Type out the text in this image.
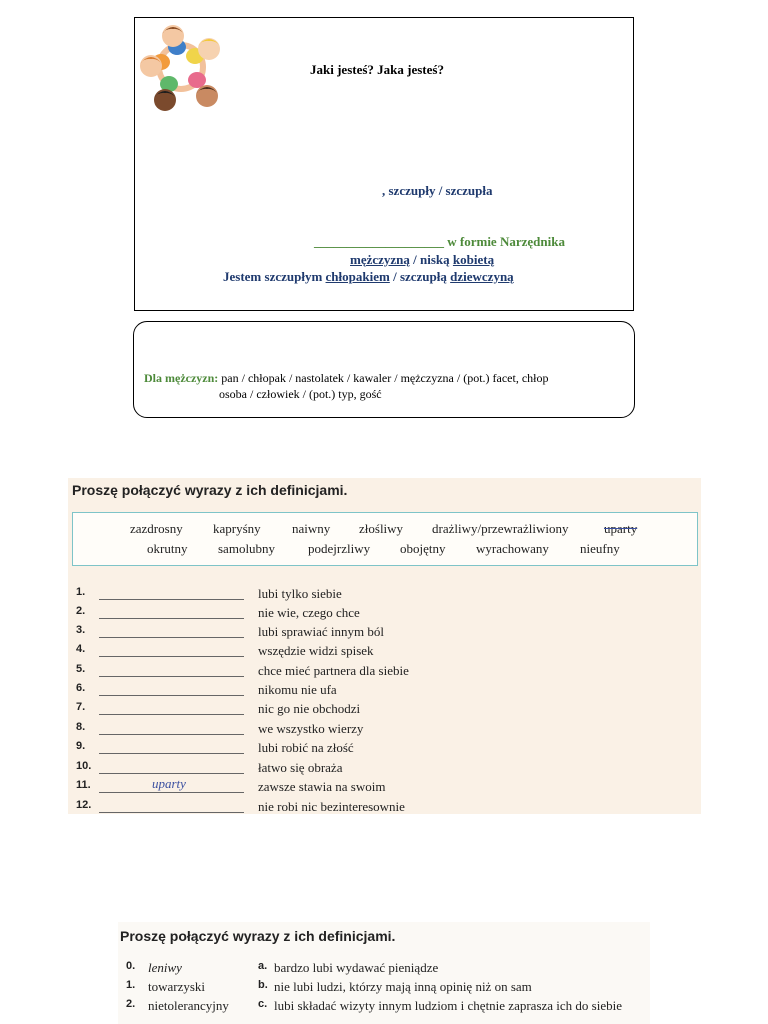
Jaki jesteś? Jaka jesteś?
, szczupły / szczupła
____________________ w formie Narzędnika
mężczyzną / niską kobietą
Jestem szczupłym chłopakiem / szczupłą dziewczyną
Dla mężczyzn: pan / chłopak / nastolatek / kawaler / mężczyzna / (pot.) facet, chłop
osoba / człowiek / (pot.) typ, gość
Proszę połączyć wyrazy z ich definicjami.
zazdrosny kapryśny naiwny złośliwy drażliwy/przewrażliwiony	uparty
okrutny samolubny	podejrzliwy obojętny wyrachowany nieufny
1.	lubi tylko siebie
2.	nie wie, czego chce
3.	lubi sprawiać innym ból
4.	wszędzie widzi spisek
5.	chce mieć partnera dla siebie
6.	nikomu nie ufa
7.	nic go nie obchodzi
8.	we wszystko wierzy
9.	lubi robić na złość
10.	łatwo się obraża
11.	uparty	zawsze stawia na swoim
12.	nie robi nic bezinteresownie
Proszę połączyć wyrazy z ich definicjami.
0. leniwy	a. bardzo lubi wydawać pieniądze
1. towarzyski	b. nie lubi ludzi, którzy mają inną opinię niż on sam
2. nietolerancyjny	c. lubi składać wizyty innym ludziom i chętnie zaprasza ich do siebie
